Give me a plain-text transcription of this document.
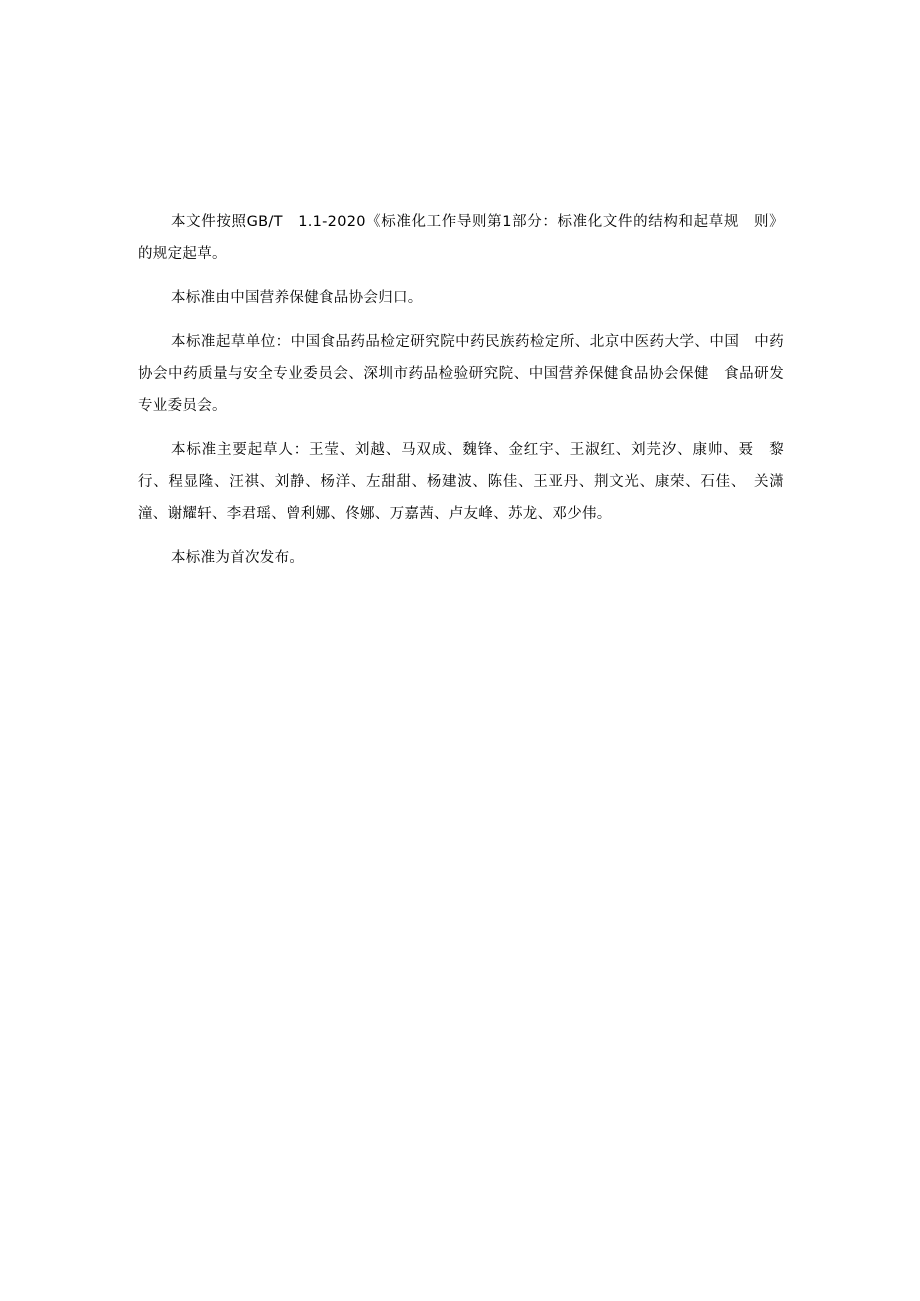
本文件按照GB/T　1.1-2020《标准化工作导则第1部分：标准化文件的结构和起草规　则》的规定起草。

本标准由中国营养保健食品协会归口。

本标准起草单位：中国食品药品检定研究院中药民族药检定所、北京中医药大学、中国　中药协会中药质量与安全专业委员会、深圳市药品检验研究院、中国营养保健食品协会保健　食品研发专业委员会。

本标准主要起草人：王莹、刘越、马双成、魏锋、金红宇、王淑红、刘芫汐、康帅、聂　黎行、程显隆、汪祺、刘静、杨洋、左甜甜、杨建波、陈佳、王亚丹、荆文光、康荣、石佳、　关潇潼、谢耀轩、李君瑶、曾利娜、佟娜、万嘉茜、卢友峰、苏龙、邓少伟。

本标准为首次发布。
